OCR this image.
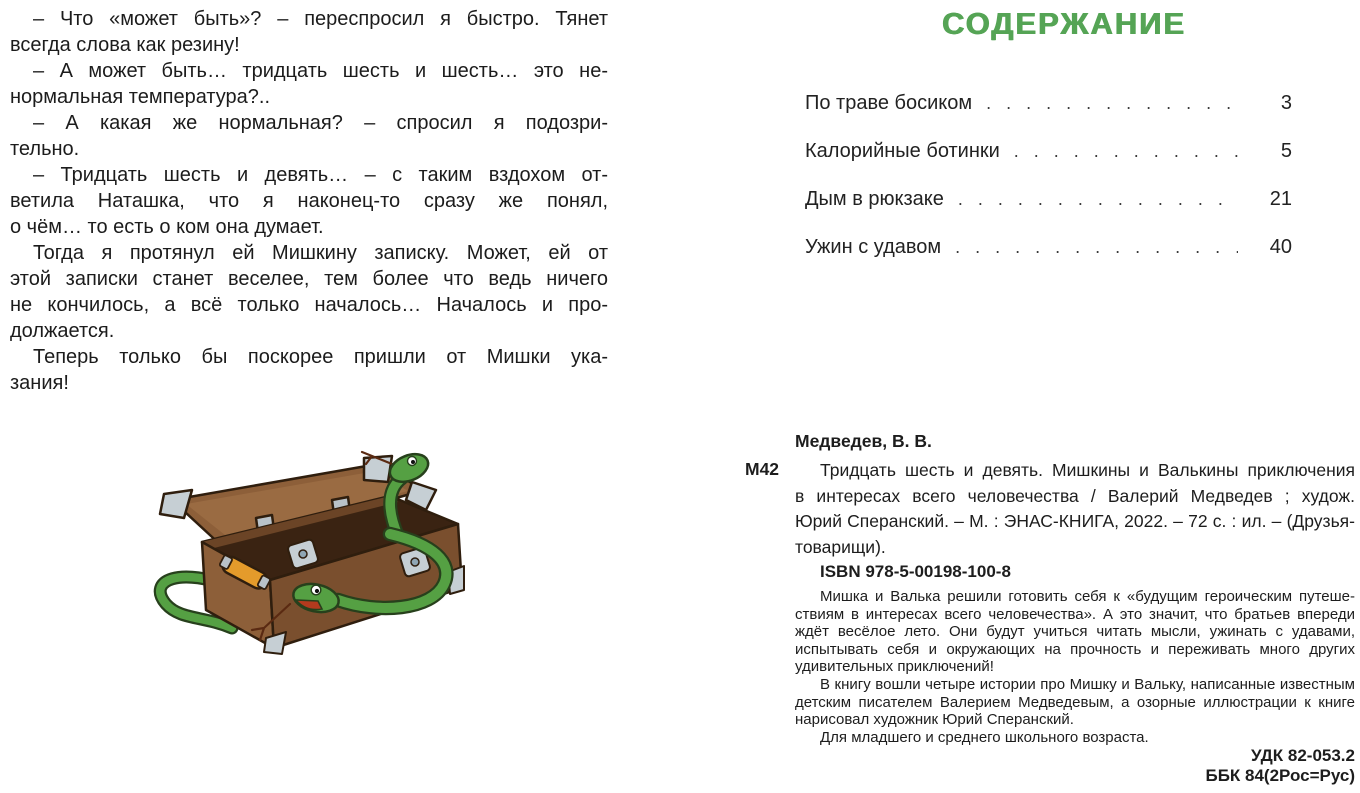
– Что «может быть»? – переспросил я быстро. Тянет
всегда слова как резину!
– А может быть… тридцать шесть и шесть… это не-
нормальная температура?..
– А какая же нормальная? – спросил я подозри-
тельно.
– Тридцать шесть и девять… – с таким вздохом от-
ветила Наташка, что я наконец-то сразу же понял,
о чём… то есть о ком она думает.
Тогда я протянул ей Мишкину записку. Может, ей от
этой записки станет веселее, тем более что ведь ничего
не кончилось, а всё только началось… Началось и про-
должается.
Теперь только бы поскорее пришли от Мишки ука-
зания!
СОДЕРЖАНИЕ
По траве босиком . . .	3
Калорийные ботинки . . .	5
Дым в рюкзаке . . .	21
Ужин с удавом . . .	40
Медведев, В. В.
М42	Тридцать шесть и девять. Мишкины и Валькины приключения
в интересах всего человечества / Валерий Медведев ; худож.
Юрий Сперанский. – М. : ЭНАС-КНИГА, 2022. – 72 с. : ил. – (Друзья-
товарищи).
ISBN 978-5-00198-100-8
Мишка и Валька решили готовить себя к «будущим героическим путеше-
ствиям в интересах всего человечества». А это значит, что братьев впереди
ждёт весёлое лето. Они будут учиться читать мысли, ужинать с удавами,
испытывать себя и окружающих на прочность и переживать много других
удивительных приключений!
В книгу вошли четыре истории про Мишку и Вальку, написанные известным
детским писателем Валерием Медведевым, а озорные иллюстрации к книге
нарисовал художник Юрий Сперанский.
Для младшего и среднего школьного возраста.
УДК 82-053.2
ББК 84(2Рос=Рус)
